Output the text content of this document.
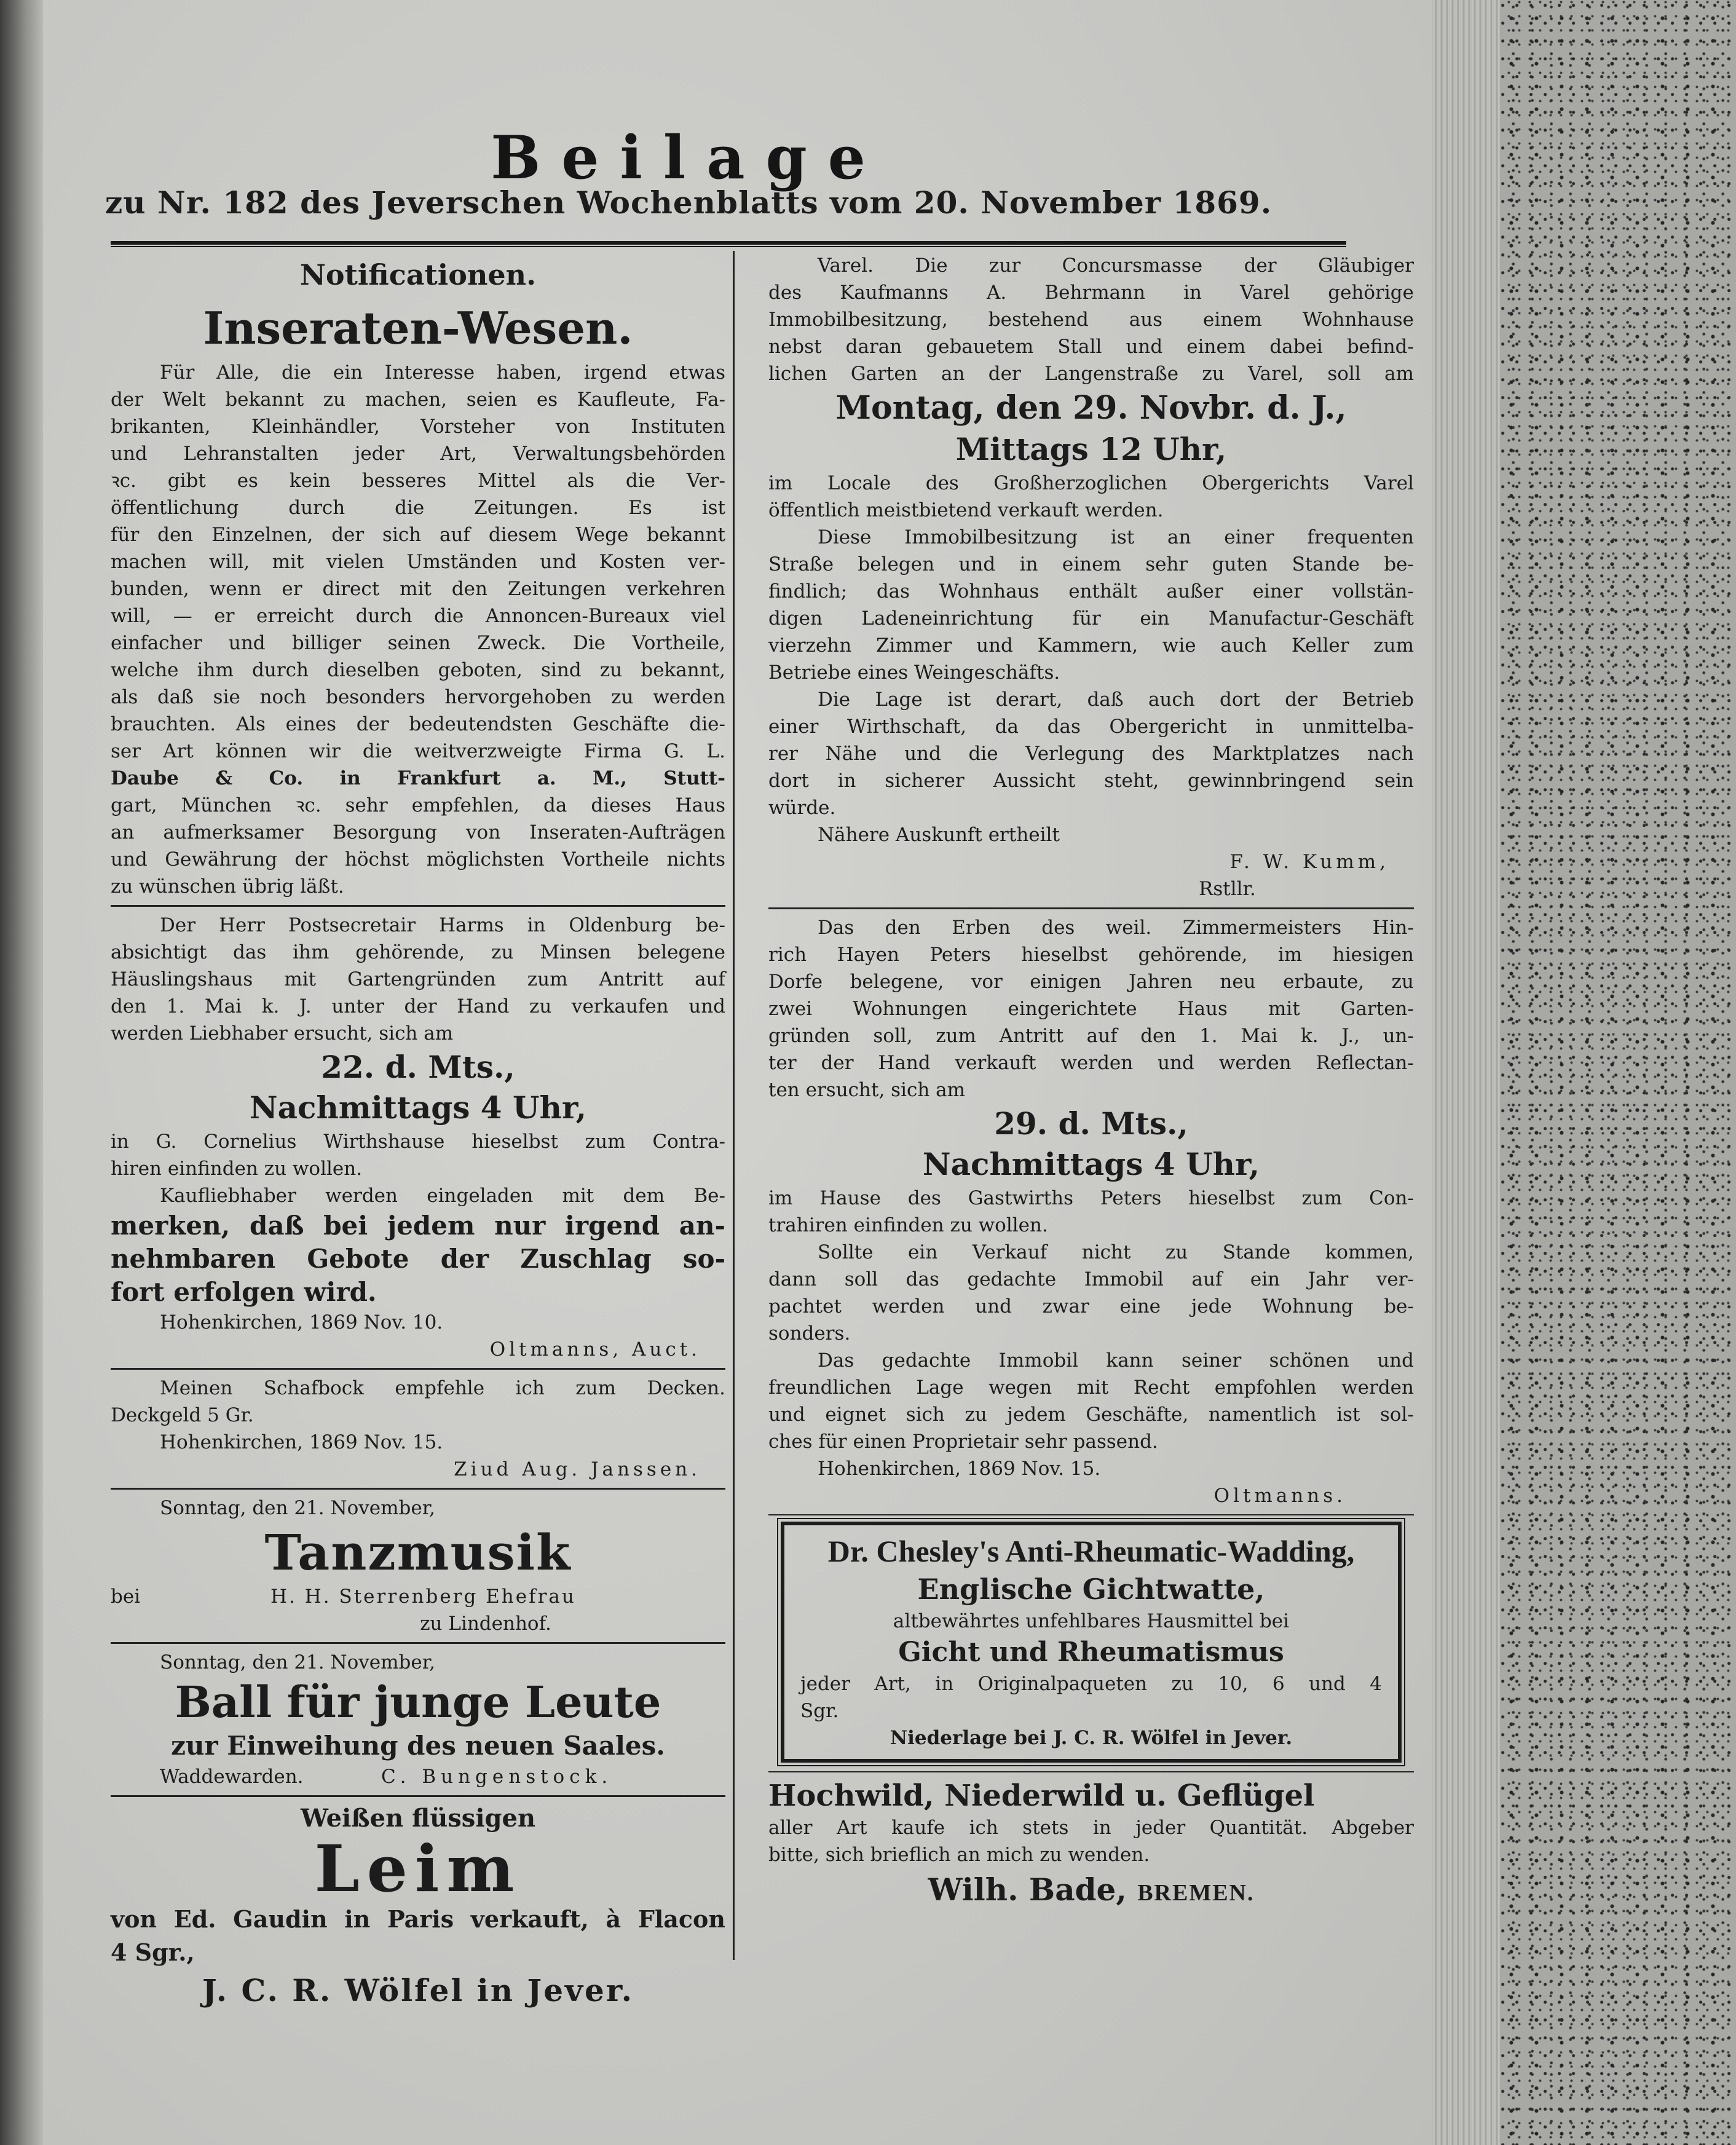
Beilage
zu Nr. 182 des Jeverschen Wochenblatts vom 20. November 1869.
Notificationen.
Inseraten-Wesen.
Für Alle, die ein Interesse haben, irgend etwas
der Welt bekannt zu machen, seien es Kaufleute, Fa-
brikanten, Kleinhändler, Vorsteher von Instituten
und Lehranstalten jeder Art, Verwaltungsbehörden
ꝛc. gibt es kein besseres Mittel als die Ver-
öffentlichung durch die Zeitungen. Es ist
für den Einzelnen, der sich auf diesem Wege bekannt
machen will, mit vielen Umständen und Kosten ver-
bunden, wenn er direct mit den Zeitungen verkehren
will, — er erreicht durch die Annoncen-Bureaux viel
einfacher und billiger seinen Zweck. Die Vortheile,
welche ihm durch dieselben geboten, sind zu bekannt,
als daß sie noch besonders hervorgehoben zu werden
brauchten. Als eines der bedeutendsten Geschäfte die-
ser Art können wir die weitverzweigte Firma G. L.
Daube & Co. in Frankfurt a. M., Stutt-
gart, München ꝛc. sehr empfehlen, da dieses Haus
an aufmerksamer Besorgung von Inseraten-Aufträgen
und Gewährung der höchst möglichsten Vortheile nichts
zu wünschen übrig läßt.
Der Herr Postsecretair Harms in Oldenburg be-
absichtigt das ihm gehörende, zu Minsen belegene
Häuslingshaus mit Gartengründen zum Antritt auf
den 1. Mai k. J. unter der Hand zu verkaufen und
werden Liebhaber ersucht, sich am
22. d. Mts.,
Nachmittags 4 Uhr,
in G. Cornelius Wirthshause hieselbst zum Contra-
hiren einfinden zu wollen.
Kaufliebhaber werden eingeladen mit dem Be-
merken, daß bei jedem nur irgend an-
nehmbaren Gebote der Zuschlag so-
fort erfolgen wird.
Hohenkirchen, 1869 Nov. 10.
Oltmanns, Auct.
Meinen Schafbock empfehle ich zum Decken.
Deckgeld 5 Gr.
Hohenkirchen, 1869 Nov. 15.
Ziud Aug. Janssen.
Sonntag, den 21. November,
Tanzmusik
bei	H. H. Sterrenberg Ehefrau
zu Lindenhof.
Sonntag, den 21. November,
Ball für junge Leute
zur Einweihung des neuen Saales.
Waddewarden.	C. Bungenstock.
Weißen flüssigen
Leim
von Ed. Gaudin in Paris verkauft, à Flacon
4 Sgr.,
J. C. R. Wölfel in Jever.
Varel. Die zur Concursmasse der Gläubiger
des Kaufmanns A. Behrmann in Varel gehörige
Immobilbesitzung, bestehend aus einem Wohnhause
nebst daran gebauetem Stall und einem dabei befind-
lichen Garten an der Langenstraße zu Varel, soll am
Montag, den 29. Novbr. d. J.,
Mittags 12 Uhr,
im Locale des Großherzoglichen Obergerichts Varel
öffentlich meistbietend verkauft werden.
Diese Immobilbesitzung ist an einer frequenten
Straße belegen und in einem sehr guten Stande be-
findlich; das Wohnhaus enthält außer einer vollstän-
digen Ladeneinrichtung für ein Manufactur-Geschäft
vierzehn Zimmer und Kammern, wie auch Keller zum
Betriebe eines Weingeschäfts.
Die Lage ist derart, daß auch dort der Betrieb
einer Wirthschaft, da das Obergericht in unmittelba-
rer Nähe und die Verlegung des Marktplatzes nach
dort in sicherer Aussicht steht, gewinnbringend sein
würde.
Nähere Auskunft ertheilt
F. W. Kumm,
Rstllr.
Das den Erben des weil. Zimmermeisters Hin-
rich Hayen Peters hieselbst gehörende, im hiesigen
Dorfe belegene, vor einigen Jahren neu erbaute, zu
zwei Wohnungen eingerichtete Haus mit Garten-
gründen soll, zum Antritt auf den 1. Mai k. J., un-
ter der Hand verkauft werden und werden Reflectan-
ten ersucht, sich am
29. d. Mts.,
Nachmittags 4 Uhr,
im Hause des Gastwirths Peters hieselbst zum Con-
trahiren einfinden zu wollen.
Sollte ein Verkauf nicht zu Stande kommen,
dann soll das gedachte Immobil auf ein Jahr ver-
pachtet werden und zwar eine jede Wohnung be-
sonders.
Das gedachte Immobil kann seiner schönen und
freundlichen Lage wegen mit Recht empfohlen werden
und eignet sich zu jedem Geschäfte, namentlich ist sol-
ches für einen Proprietair sehr passend.
Hohenkirchen, 1869 Nov. 15.
Oltmanns.
Dr. Chesley's Anti-Rheumatic-Wadding,
Englische Gichtwatte,
altbewährtes unfehlbares Hausmittel bei
Gicht und Rheumatismus
jeder Art, in Originalpaqueten zu 10, 6 und 4
Sgr.
Niederlage bei J. C. R. Wölfel in Jever.
Hochwild, Niederwild u. Geflügel
aller Art kaufe ich stets in jeder Quantität. Abgeber
bitte, sich brieflich an mich zu wenden.
Wilh. Bade, BREMEN.
